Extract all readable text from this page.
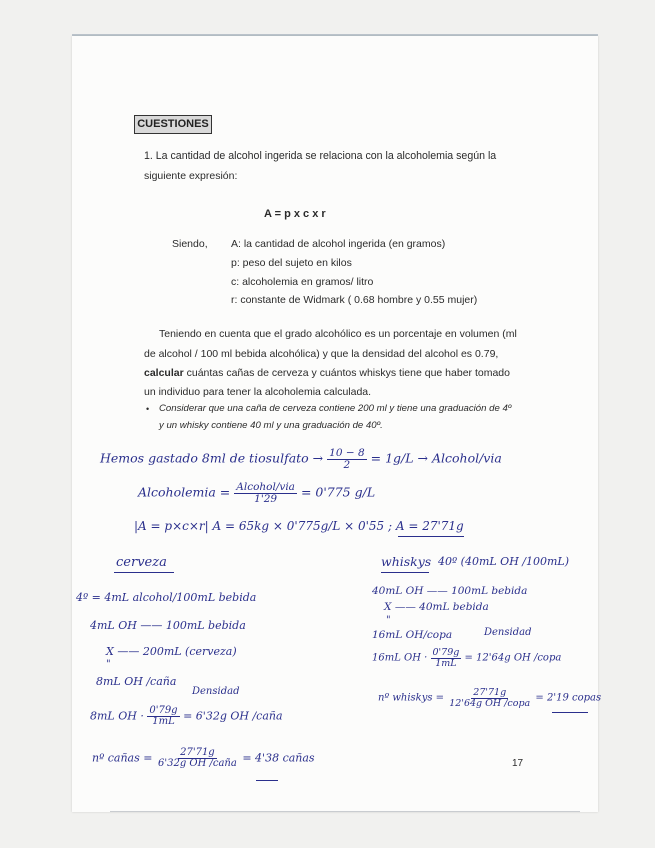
CUESTIONES
1. La cantidad de alcohol ingerida se relaciona con la alcoholemia según la
siguiente expresión:
A = p x c x r
Siendo, A: la cantidad de alcohol ingerida (en gramos)
p: peso del sujeto en kilos
c: alcoholemia en gramos/ litro
r: constante de Widmark ( 0.68 hombre y 0.55 mujer)
Teniendo en cuenta que el grado alcohólico es un porcentaje en volumen (ml
de alcohol / 100 ml bebida alcohólica) y que la densidad del alcohol es 0.79,
calcular cuántas cañas de cerveza y cuántos whiskys tiene que haber tomado
un individuo para tener la alcoholemia calculada.
• Considerar que una caña de cerveza contiene 200 ml y tiene una graduación de 4º
y un whisky contiene 40 ml y una graduación de 40º.
17
Hemos gastado 8ml de tiosulfato → $\frac{10 - 8}{2} = 1g/L$ → Alcohol/via
Alcoholemia = $\frac{\text{Alcohol/via}}{1'29} = 0'775$ g/L
|A = p×c×r| A = 65kg × 0'775g/L × 0'55 ; A = 27'71g
cerveza
4º = 4mL alcohol/100mL bebida
4mL OH —— 100mL bebida
X —— 200mL (cerveza)
"
8mL OH /caña
Densidad
8mL OH · $\frac{0'79g}{1mL} = 6'32g$ OH /caña
nº cañas = $\frac{27'71g}{\text{6'32g OH /caña}} = 4'38$ cañas
whiskys 40º (40mL OH /100mL)
40mL OH —— 100mL bebida
X —— 40mL bebida
"
16mL OH/copa	Densidad
16mL OH · $\frac{0'79g}{1mL} = 12'64g$ OH /copa
nº whiskys = $\frac{27'71g}{\text{12'64g OH /copa}} = 2'19$ copas
